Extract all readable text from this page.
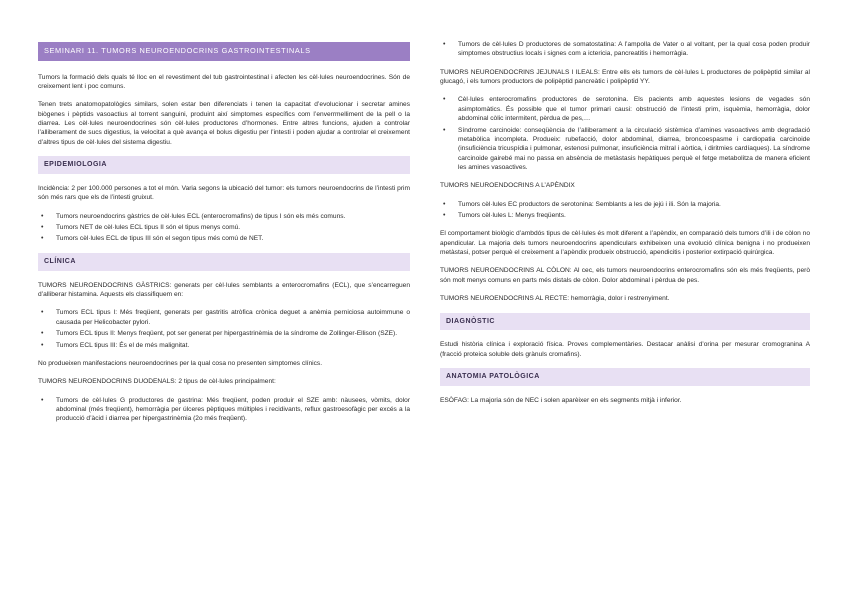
SEMINARI 11. TUMORS NEUROENDOCRINS GASTROINTESTINALS

Tumors la formació dels quals té lloc en el revestiment del tub gastrointestinal i afecten les cèl·lules neuroendocrines. Són de creixement lent i poc comuns.

Tenen trets anatomopatològics similars, solen estar ben diferenciats i tenen la capacitat d’evolucionar i secretar amines biògenes i pèptids vasoactius al torrent sanguini, produint així simptomes específics com l’enverrmelliment de la pell o la diarrea. Les cèl·lules neuroendocrines són cèl·lules productores d’hormones. Entre altres funcions, ajuden a controlar l’alliberament de sucs digestius, la velocitat a què avança el bolus digestiu per l’intesti i poden ajudar a controlar el creixement d’altres tipus de cèl·lules del sistema digestiu.

EPIDEMIOLOGIA

Incidència: 2 per 100.000 persones a tot el món. Varia segons la ubicació del tumor: els tumors neuroendocrins de l’intesti prim són més rars que els de l’intesti gruixut.

• Tumors neuroendocrins gàstrics de cèl·lules ECL (enterocromafins) de tipus I són els més comuns.
• Tumors NET de cèl·lules ECL tipus II són el tipus menys comú.
• Tumors cèl·lules ECL de tipus III són el segon tipus més comú de NET.
CLÍNICA

TUMORS NEUROENDOCRINS GÀSTRICS: generats per cèl·lules semblants a enterocromafins (ECL), que s’encarreguen d’alliberar histamina. Aquests els classifiquem en:

• Tumors ECL tipus I: Més freqüent, generats per gastritis atròfica crònica deguet a anèmia perniciosa autoimmune o causada per Helicobacter pylori.
• Tumors ECL tipus II: Menys freqüent, pot ser generat per hipergastrinèmia de la síndrome de Zollinger-Ellison (SZE).
• Tumors ECL tipus III: És el de més malignitat.

No produeixen manifestacions neuroendocrines per la qual cosa no presenten simptomes clínics.

TUMORS NEUROENDOCRINS DUODENALS: 2 tipus de cèl·lules principalment:

• Tumors de cèl·lules G productores de gastrina: Més freqüent, poden produir el SZE amb: nàusees, vòmits, dolor abdominal (més freqüent), hemorràgia per úlceres pèptiques múltiples i recidivants, reflux gastroesofàgic per excés a la producció d’àcid i diarrea per hipergastrinèmia (2o més freqüent).
• Tumors de cèl·lules D productores de somatostatina: A l’ampolla de Vater o al voltant, per la qual cosa poden produir simptomes obstructius locals i signes com a ictericia, pancreatitis i hemorràgia.

TUMORS NEUROENDOCRINS JEJUNALS I ILEALS: Entre ells els tumors de cèl·lules L productores de polipèptid similar al glucagó, i els tumors productors de polipèptid pancreàtic i polipèptid YY.

• Cèl·lules enterocromafins productores de serotonina. Els pacients amb aquestes lesions de vegades són asimptomàtics. És possible que el tumor primari causi: obstrucció de l’intesti prim, isquèmia, hemorràgia, dolor abdominal còlic intermitent, pèrdua de pes,…
• Síndrome carcinoide: conseqüència de l’alliberament a la circulació sistèmica d’amines vasoactives amb degradació metabòlica incompleta. Produeix: rubefacció, dolor abdominal, diarrea, broncoespasme i cardiopatia carcinoide (insuficiència tricuspídia i pulmonar, estenosi pulmonar, insuficiència mitral i aòrtica, i diritmies cardíaques). La síndrome carcinoide gairebé mai no passa en absència de metàstasis hepàtiques perquè el fetge metabolitza de manera eficient les amines vasoactives.

TUMORS NEUROENDOCRINS A L’APÈNDIX

• Tumors cèl·lules EC productors de serotonina: Semblants a les de jejú i ili. Són la majoria.
• Tumors cèl·lules L: Menys freqüents.

El comportament biològic d’ambdós tipus de cèl·lules és molt diferent a l’apèndix, en comparació dels tumors d’ili i de còlon no apendicular. La majoria dels tumors neuroendocrins apendiculars exhibeixen una evolució clínica benigna i no produeixen metàstasi, potser perquè el creixement a l’apèndix produeix obstrucció, apendicitis i posterior extirpació quirúrgica.

TUMORS NEUROENDOCRINS AL CÒLON: Al cec, els tumors neuroendocrins enterocromafins són els més freqüents, però són molt menys comuns en parts més distals de còlon. Dolor abdominal i pèrdua de pes.

TUMORS NEUROENDOCRINS AL RECTE: hemorràgia, dolor i restrenyiment.

DIAGNÒSTIC

Estudi història clínica i exploració física. Proves complementàries. Destacar anàlisi d’orina per mesurar cromogranina A (fracció proteica soluble dels grànuls cromafins).

ANATOMIA PATOLÒGICA

ESÒFAG: La majoria són de NEC i solen aparèixer en els segments mitjà i inferior.
